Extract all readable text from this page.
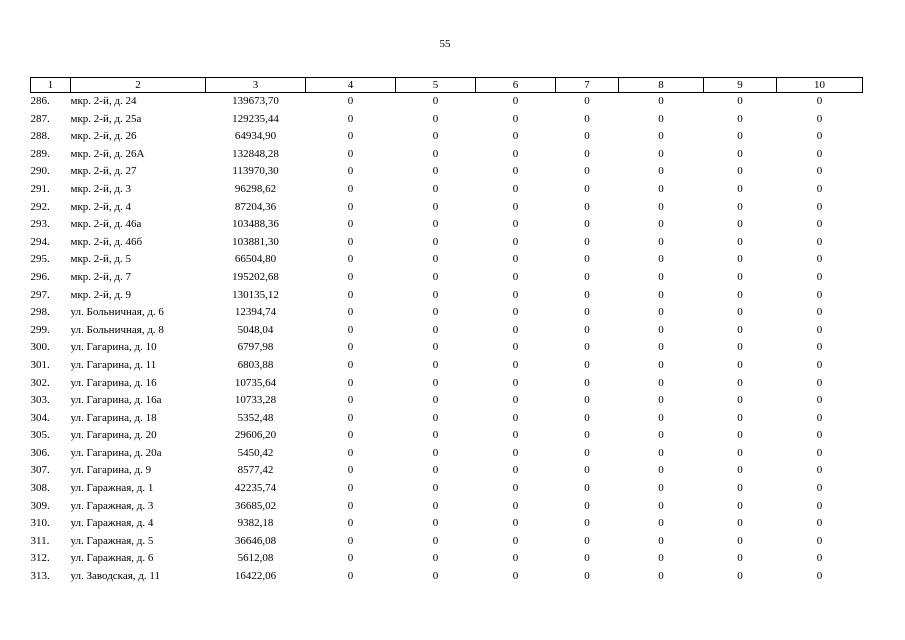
55
1	2	3	4	5	6	7	8	9	10
286.	мкр. 2-й, д. 24	139673,70	0	0	0	0	0	0	0
287.	мкр. 2-й, д. 25а	129235,44	0	0	0	0	0	0	0
288.	мкр. 2-й, д. 26	64934,90	0	0	0	0	0	0	0
289.	мкр. 2-й, д. 26А	132848,28	0	0	0	0	0	0	0
290.	мкр. 2-й, д. 27	113970,30	0	0	0	0	0	0	0
291.	мкр. 2-й, д. 3	96298,62	0	0	0	0	0	0	0
292.	мкр. 2-й, д. 4	87204,36	0	0	0	0	0	0	0
293.	мкр. 2-й, д. 46а	103488,36	0	0	0	0	0	0	0
294.	мкр. 2-й, д. 46б	103881,30	0	0	0	0	0	0	0
295.	мкр. 2-й, д. 5	66504,80	0	0	0	0	0	0	0
296.	мкр. 2-й, д. 7	195202,68	0	0	0	0	0	0	0
297.	мкр. 2-й, д. 9	130135,12	0	0	0	0	0	0	0
298.	ул. Больничная, д. 6	12394,74	0	0	0	0	0	0	0
299.	ул. Больничная, д. 8	5048,04	0	0	0	0	0	0	0
300.	ул. Гагарина, д. 10	6797,98	0	0	0	0	0	0	0
301.	ул. Гагарина, д. 11	6803,88	0	0	0	0	0	0	0
302.	ул. Гагарина, д. 16	10735,64	0	0	0	0	0	0	0
303.	ул. Гагарина, д. 16а	10733,28	0	0	0	0	0	0	0
304.	ул. Гагарина, д. 18	5352,48	0	0	0	0	0	0	0
305.	ул. Гагарина, д. 20	29606,20	0	0	0	0	0	0	0
306.	ул. Гагарина, д. 20а	5450,42	0	0	0	0	0	0	0
307.	ул. Гагарина, д. 9	8577,42	0	0	0	0	0	0	0
308.	ул. Гаражная, д. 1	42235,74	0	0	0	0	0	0	0
309.	ул. Гаражная, д. 3	36685,02	0	0	0	0	0	0	0
310.	ул. Гаражная, д. 4	9382,18	0	0	0	0	0	0	0
311.	ул. Гаражная, д. 5	36646,08	0	0	0	0	0	0	0
312.	ул. Гаражная, д. 6	5612,08	0	0	0	0	0	0	0
313.	ул. Заводская, д. 11	16422,06	0	0	0	0	0	0	0
